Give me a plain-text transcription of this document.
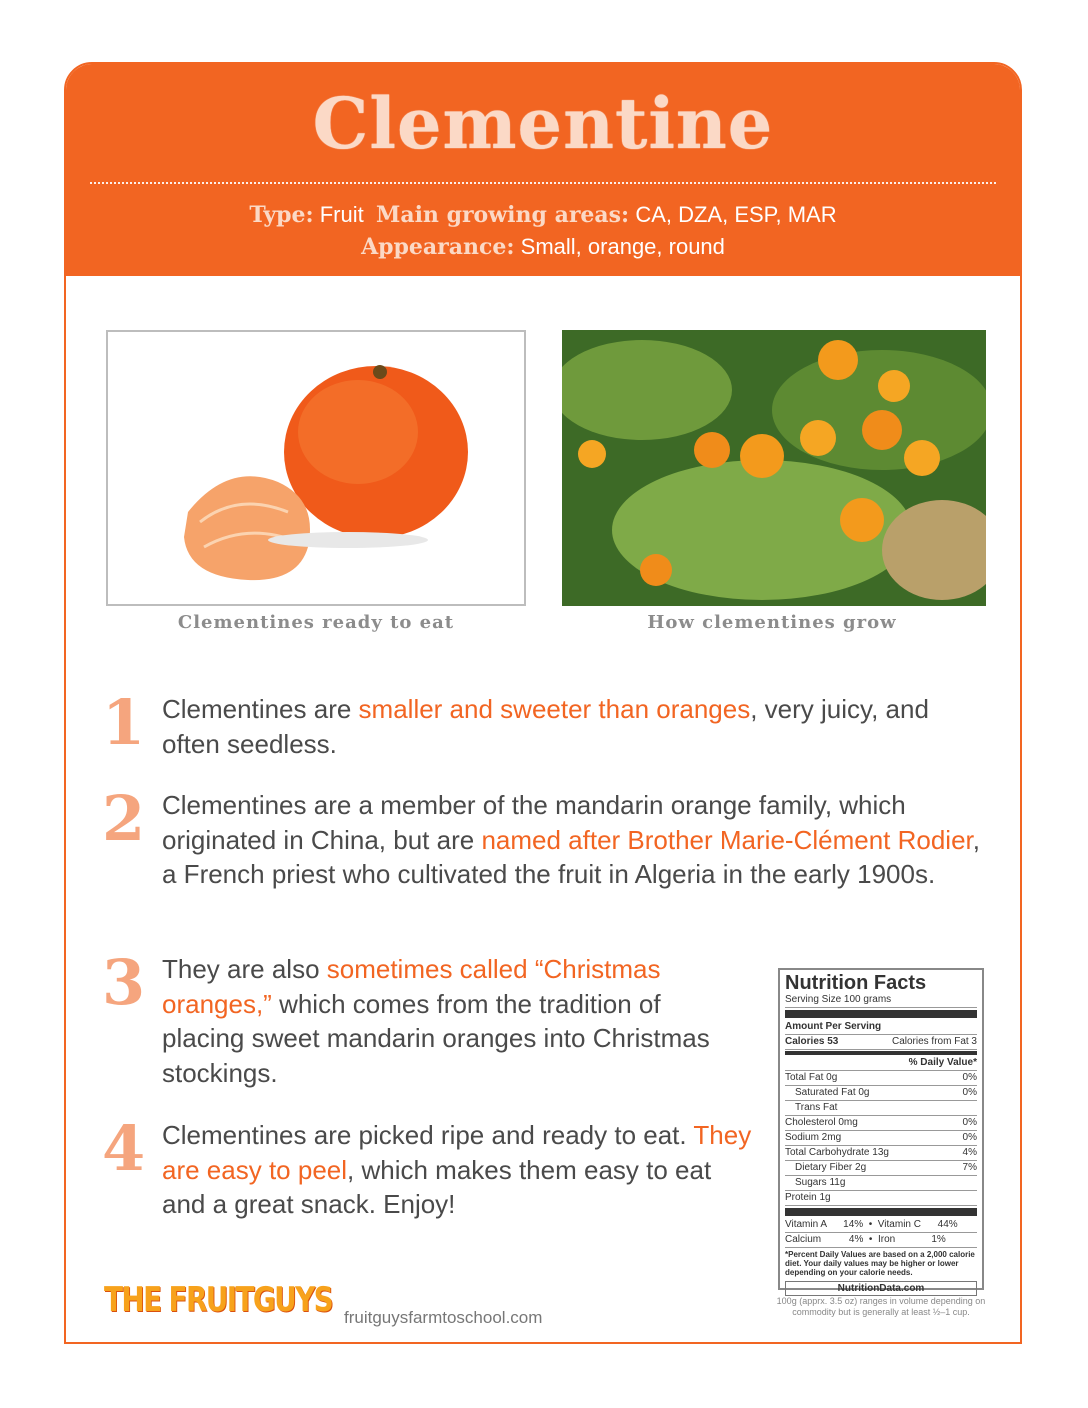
Clementine
Type: Fruit Main growing areas: CA, DZA, ESP, MAR
Appearance: Small, orange, round
Clementines ready to eat	How clementines grow
1 Clementines are smaller and sweeter than oranges, very juicy, and often seedless.
2 Clementines are a member of the mandarin orange family, which originated in China, but are named after Brother Marie-Clément Rodier, a French priest who cultivated the fruit in Algeria in the early 1900s.
3 They are also sometimes called “Christmas oranges,” which comes from the tradition of placing sweet mandarin oranges into Christmas stockings.
4 Clementines are picked ripe and ready to eat. They are easy to peel, which makes them easy to eat and a great snack. Enjoy!
Nutrition Facts
Serving Size 100 grams
Amount Per Serving
Calories 53	Calories from Fat 3
% Daily Value*
Total Fat 0g	0%
Saturated Fat 0g	0%
Trans Fat
Cholesterol 0mg	0%
Sodium 2mg	0%
Total Carbohydrate 13g	4%
Dietary Fiber 2g	7%
Sugars 11g
Protein 1g
Vitamin A      14%  •  Vitamin C      44%
Calcium          4%  •  Iron             1%
*Percent Daily Values are based on a 2,000 calorie diet. Your daily values may be higher or lower depending on your calorie needs.
NutritionData.com
100g (apprx. 3.5 oz) ranges in volume depending on commodity but is generally at least ½–1 cup.
THE FRUITGUYS fruitguysfarmtoschool.com
